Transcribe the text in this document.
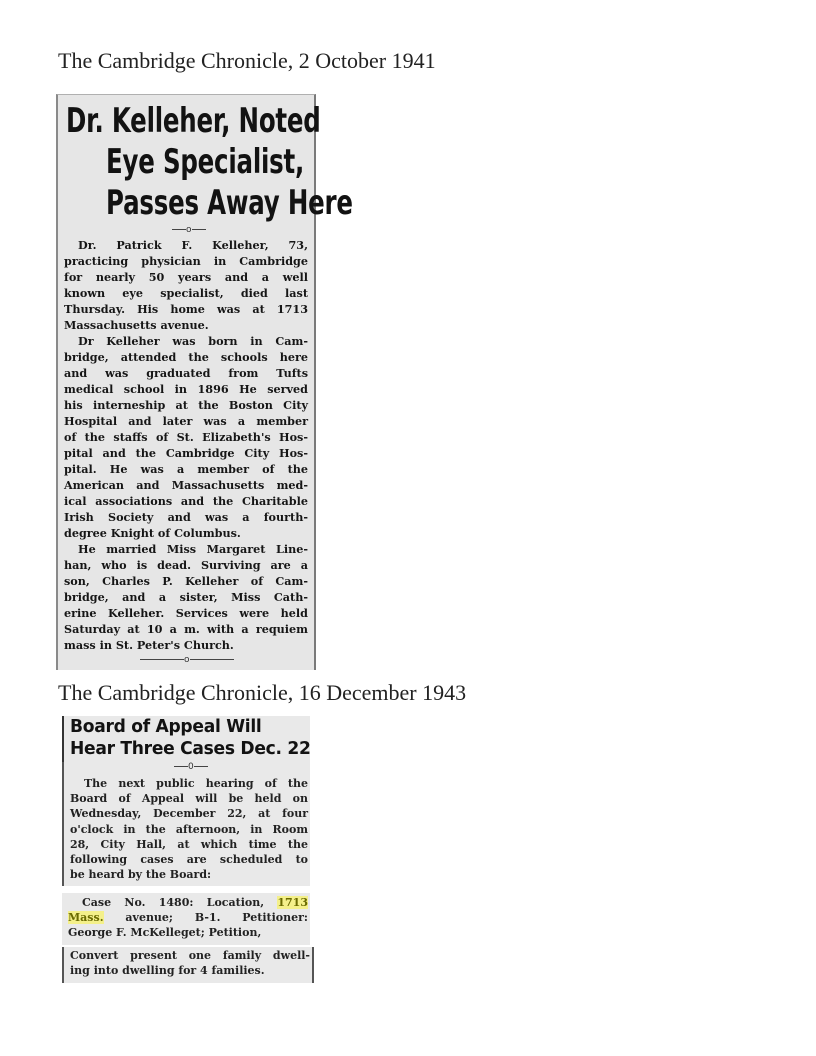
The Cambridge Chronicle, 2 October 1941
Dr. Kelleher, Noted
Eye Specialist,
Passes Away Here
o
Dr. Patrick F. Kelleher, 73,
practicing physician in Cambridge
for nearly 50 years and a well
known eye specialist, died last
Thursday. His home was at 1713
Massachusetts avenue.
Dr Kelleher was born in Cam-
bridge, attended the schools here
and was graduated from Tufts
medical school in 1896 He served
his interneship at the Boston City
Hospital and later was a member
of the staffs of St. Elizabeth's Hos-
pital and the Cambridge City Hos-
pital. He was a member of the
American and Massachusetts med-
ical associations and the Charitable
Irish Society and was a fourth-
degree Knight of Columbus.
He married Miss Margaret Line-
han, who is dead. Surviving are a
son, Charles P. Kelleher of Cam-
bridge, and a sister, Miss Cath-
erine Kelleher. Services were held
Saturday at 10 a m. with a requiem
mass in St. Peter's Church.
o
The Cambridge Chronicle, 16 December 1943
Board of Appeal Will
Hear Three Cases Dec. 22
0
The next public hearing of the
Board of Appeal will be held on
Wednesday, December 22, at four
o'clock in the afternoon, in Room
28, City Hall, at which time the
following cases are scheduled to
be heard by the Board:
Case No. 1480: Location, 1713
Mass. avenue; B-1. Petitioner:
George F. McKelleget; Petition,
Convert present one family dwell-
ing into dwelling for 4 families.
